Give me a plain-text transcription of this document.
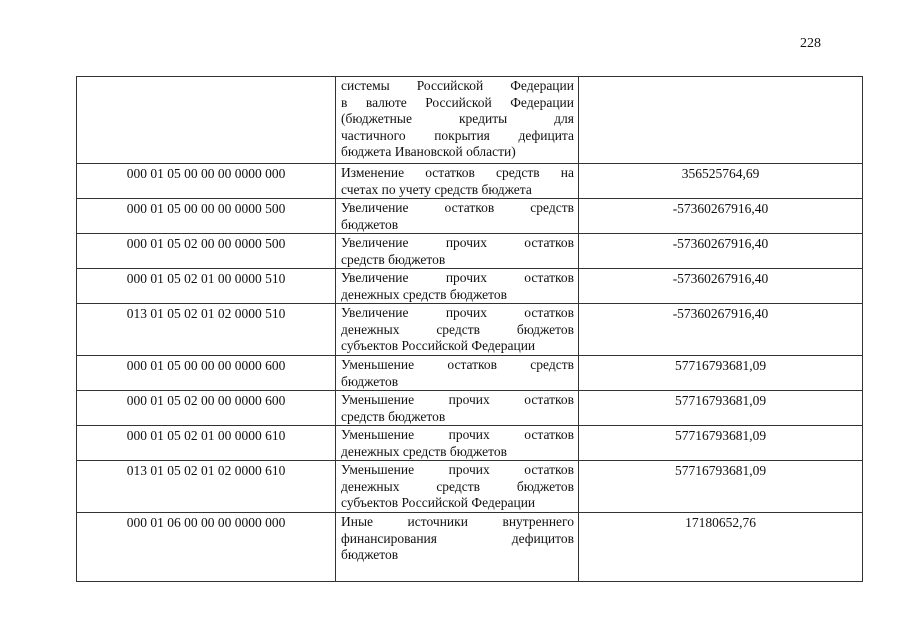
228

	системы Российской Федерации
в валюте Российской Федерации
(бюджетные кредиты для
частичного покрытия дефицита
бюджета Ивановской области)	

000 01 05 00 00 00 0000 000	Изменение остатков средств на
счетах по учету средств бюджета	356525764,69
000 01 05 00 00 00 0000 500	Увеличение остатков средств
бюджетов	-57360267916,40
000 01 05 02 00 00 0000 500	Увеличение прочих остатков
средств бюджетов	-57360267916,40
000 01 05 02 01 00 0000 510	Увеличение прочих остатков
денежных средств бюджетов	-57360267916,40
013 01 05 02 01 02 0000 510	Увеличение прочих остатков
денежных средств бюджетов
субъектов Российской Федерации	-57360267916,40
000 01 05 00 00 00 0000 600	Уменьшение остатков средств
бюджетов	57716793681,09
000 01 05 02 00 00 0000 600	Уменьшение прочих остатков
средств бюджетов	57716793681,09
000 01 05 02 01 00 0000 610	Уменьшение прочих остатков
денежных средств бюджетов	57716793681,09
013 01 05 02 01 02 0000 610	Уменьшение прочих остатков
денежных средств бюджетов
субъектов Российской Федерации	57716793681,09
000 01 06 00 00 00 0000 000	Иные источники внутреннего
финансирования дефицитов
бюджетов	17180652,76
